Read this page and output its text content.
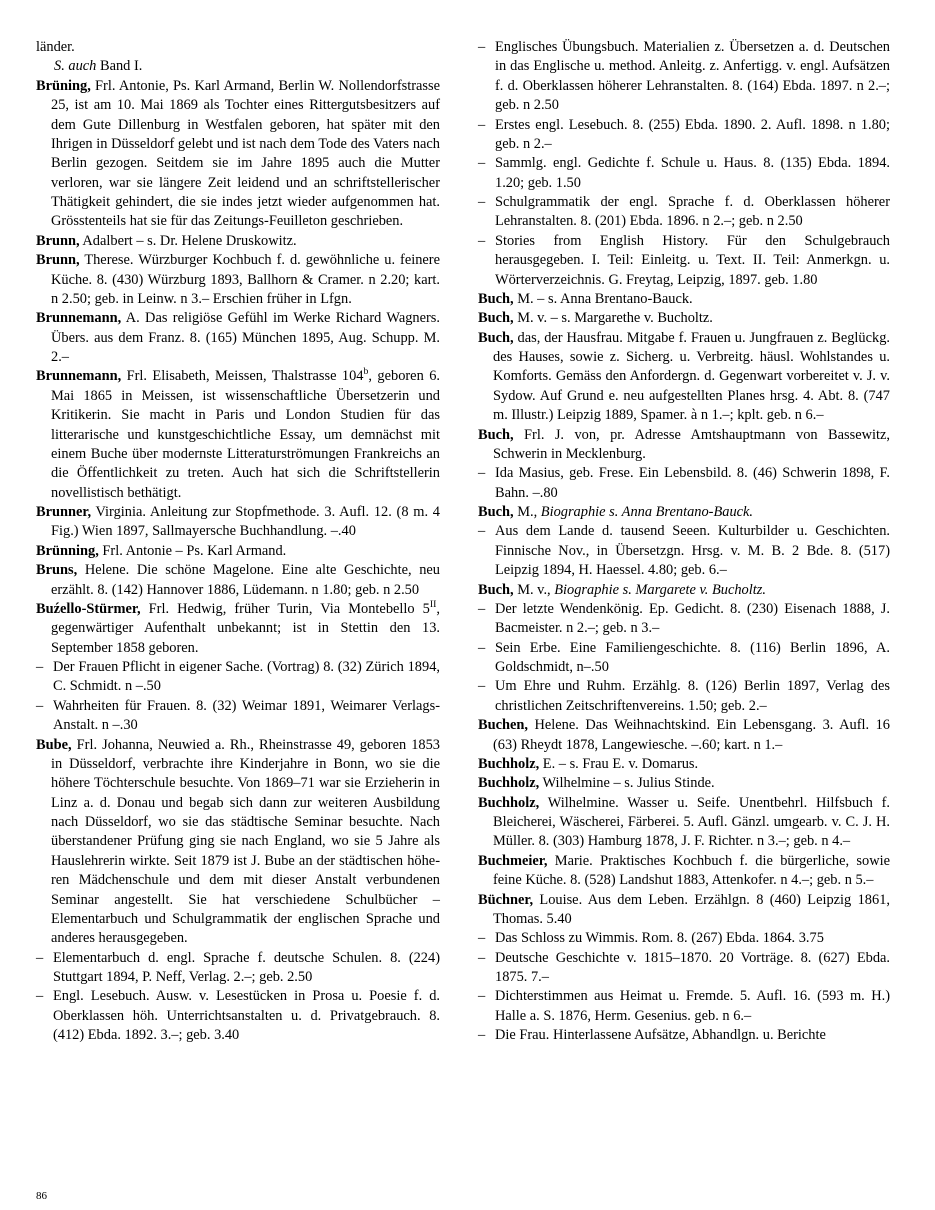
länder.

S. auch Band I.

Brüning, Frl. Antonie, Ps. Karl Armand, Berlin W. Nollendorfstrasse 25, ist am 10. Mai 1869 als Tochter eines Rittergutsbesitzers auf dem Gute Dillenburg in Westfalen geboren, hat später mit den Ihrigen in Düsseldorf gelebt und ist nach dem Tode des Vaters nach Berlin gezogen. Seitdem sie im Jahre 1895 auch die Mutter verloren, war sie längere Zeit leidend und an schriftstellerischer Thätigkeit gehindert, die sie indes jetzt wieder aufgenommen hat. Grösstenteils hat sie für das Zeitungs-Feuilleton geschrieben.

Brunn, Adalbert – s. Dr. Helene Druskowitz.

Brunn, Therese. Würzburger Kochbuch f. d. gewöhnliche u. feinere Küche. 8. (430) Würzburg 1893, Ballhorn & Cramer. n 2.20; kart. n 2.50; geb. in Leinw. n 3.– Erschien früher in Lfgn.

Brunnemann, A. Das religiöse Gefühl im Werke Richard Wagners. Übers. aus dem Franz. 8. (165) München 1895, Aug. Schupp. M. 2.–

Brunnemann, Frl. Elisabeth, Meissen, Thalstrasse 104$^b$, geboren 6. Mai 1865 in Meissen, ist wissenschaftliche Übersetzerin und Kritikerin. Sie macht in Paris und London Studien für das litterarische und kunstgeschichtliche Essay, um demnächst mit einem Buche über modernste Litteraturströmungen Frankreichs an die Öffentlichkeit zu treten. Auch hat sich die Schriftstellerin novellistisch bethätigt.

Brunner, Virginia. Anleitung zur Stopfmethode. 3. Aufl. 12. (8 m. 4 Fig.) Wien 1897, Sallmayersche Buchhandlung. –.40

Brünning, Frl. Antonie – Ps. Karl Armand.

Bruns, Helene. Die schöne Magelone. Eine alte Geschichte, neu erzählt. 8. (142) Hannover 1886, Lüdemann. n 1.80; geb. n 2.50

Buźello-Stürmer, Frl. Hedwig, früher Turin, Via Montebello $5^{II}$, gegenwärtiger Aufenthalt unbekannt; ist in Stettin den 13. September 1858 geboren.

– Der Frauen Pflicht in eigener Sache. (Vortrag) 8. (32) Zürich 1894, C. Schmidt. n –.50

– Wahrheiten für Frauen. 8. (32) Weimar 1891, Weimarer Verlags-Anstalt. n –.30

Bube, Frl. Johanna, Neuwied a. Rh., Rheinstrasse 49, geboren 1853 in Düsseldorf, verbrachte ihre Kinderjahre in Bonn, wo sie die höhere Töchterschule besuchte. Von 1869–71 war sie Erzieherin in Linz a. d. Donau und begab sich dann zur weiteren Ausbildung nach Düsseldorf, wo sie das städtische Seminar besuchte. Nach überstandener Prüfung ging sie nach England, wo sie 5 Jahre als Hauslehrerin wirkte. Seit 1879 ist J. Bube an der städtischen höheren Mädchenschule und dem mit dieser Anstalt verbundenen Seminar angestellt. Sie hat verschiedene Schulbücher – Elementarbuch und Schulgrammatik der englischen Sprache und anderes herausgegeben.

– Elementarbuch d. engl. Sprache f. deutsche Schulen. 8. (224) Stuttgart 1894, P. Neff, Verlag. 2.–; geb. 2.50

– Engl. Lesebuch. Ausw. v. Lesestücken in Prosa u. Poesie f. d. Oberklassen höh. Unterrichtsanstalten u. d. Privatgebrauch. 8. (412) Ebda. 1892. 3.–; geb. 3.40

– Englisches Übungsbuch. Materialien z. Übersetzen a. d. Deutschen in das Englische u. method. Anleitg. z. Anfertigg. v. engl. Aufsätzen f. d. Oberklassen höherer Lehranstalten. 8. (164) Ebda. 1897. n 2.–; geb. n 2.50

– Erstes engl. Lesebuch. 8. (255) Ebda. 1890. 2. Aufl. 1898. n 1.80; geb. n 2.–

– Sammlg. engl. Gedichte f. Schule u. Haus. 8. (135) Ebda. 1894. 1.20; geb. 1.50

– Schulgrammatik der engl. Sprache f. d. Oberklassen höherer Lehranstalten. 8. (201) Ebda. 1896. n 2.–; geb. n 2.50

– Stories from English History. Für den Schulgebrauch herausgegeben. I. Teil: Einleitg. u. Text. II. Teil: Anmerkgn. u. Wörterverzeichnis. G. Freytag, Leipzig, 1897. geb. 1.80

Buch, M. – s. Anna Brentano-Bauck.

Buch, M. v. – s. Margarethe v. Bucholtz.

Buch, das, der Hausfrau. Mitgabe f. Frauen u. Jungfrauen z. Beglückg. des Hauses, sowie z. Sicherg. u. Verbreitg. häusl. Wohlstandes u. Komforts. Gemäss den Anfordergn. d. Gegenwart vorbereitet v. J. v. Sydow. Auf Grund e. neu aufgestellten Planes hrsg. 4. Abt. 8. (747 m. Illustr.) Leipzig 1889, Spamer. à n 1.–; kplt. geb. n 6.–

Buch, Frl. J. von, pr. Adresse Amtshauptmann von Bassewitz, Schwerin in Mecklenburg.

– Ida Masius, geb. Frese. Ein Lebensbild. 8. (46) Schwerin 1898, F. Bahn. –.80

Buch, M., Biographie s. Anna Brentano-Bauck.

– Aus dem Lande d. tausend Seeen. Kulturbilder u. Geschichten. Finnische Nov., in Übersetzgn. Hrsg. v. M. B. 2 Bde. 8. (517) Leipzig 1894, H. Haessel. 4.80; geb. 6.–

Buch, M. v., Biographie s. Margarete v. Bucholtz.

– Der letzte Wendenkönig. Ep. Gedicht. 8. (230) Eisenach 1888, J. Bacmeister. n 2.–; geb. n 3.–

– Sein Erbe. Eine Familiengeschichte. 8. (116) Berlin 1896, A. Goldschmidt, n–.50

– Um Ehre und Ruhm. Erzählg. 8. (126) Berlin 1897, Verlag des christlichen Zeitschriftenvereins. 1.50; geb. 2.–

Buchen, Helene. Das Weihnachtskind. Ein Lebensgang. 3. Aufl. 16 (63) Rheydt 1878, Langewiesche. –.60; kart. n 1.–

Buchholz, E. – s. Frau E. v. Domarus.

Buchholz, Wilhelmine – s. Julius Stinde.

Buchholz, Wilhelmine. Wasser u. Seife. Unentbehrl. Hilfsbuch f. Bleicherei, Wäscherei, Färberei. 5. Aufl. Gänzl. umgearb. v. C. J. H. Müller. 8. (303) Hamburg 1878, J. F. Richter. n 3.–; geb. n 4.–

Buchmeier, Marie. Praktisches Kochbuch f. die bürgerliche, sowie feine Küche. 8. (528) Landshut 1883, Attenkofer. n 4.–; geb. n 5.–

Büchner, Louise. Aus dem Leben. Erzählgn. 8 (460) Leipzig 1861, Thomas. 5.40

– Das Schloss zu Wimmis. Rom. 8. (267) Ebda. 1864. 3.75

– Deutsche Geschichte v. 1815–1870. 20 Vorträge. 8. (627) Ebda. 1875. 7.–

– Dichterstimmen aus Heimat u. Fremde. 5. Aufl. 16. (593 m. H.) Halle a. S. 1876, Herm. Gesenius. geb. n 6.–

– Die Frau. Hinterlassene Aufsätze, Abhandlgn. u. Berichte

86
